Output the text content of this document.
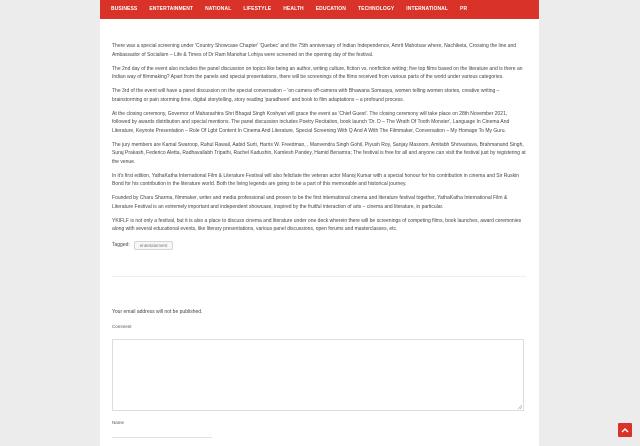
BUSINESS	ENTERTAINMENT	NATIONAL	LIFESTYLE	HEALTH	EDUCATION	TECHNOLOGY	INTERNATIONAL	PR

There was a special screening under 'Country Showcase Chapter' 'Quebec' and the 75th anniversary of Indian Independence, Amrit Mahotsav where, Nachiketa, Crossing the line and Ambassador of Socialism – Life & Times of Dr Ram Manohar Lohiya were screened on the opening day of the festival.

The 2nd day of the event also includes the panel discussion on topics like being an author, writing culture, fiction vs. nonfiction writing; five top films based on the literature and is there an Indian way of filmmaking? Apart from the panels and special presentations, there will be screenings of the films received from various parts of the world under various categories.

The 3rd of the event will have a panel discussion on the special conversation – 'on camera off-camera with Bhawana Somaaya, women telling women stories, creative writing – brainstorming or pain storming time, digital storytelling, story reading 'paradheen' and book to film adaptations – a profound process.

At the closing ceremony, Governor of Maharashtra Shri Bhagat Singh Koshyari will grace the event as 'Chief Guest'. The closing ceremony will take place on 28th November 2021, followed by awards distribution and special mentions. The panel discussion includes Poetry Recitation, book launch 'Dr. D – The Wrath Of Tooth Monster', Language In Cinema And Literature, Keynote Presentation – Role Of Lgbt Content In Cinema And Literature, Special Screening With Q And A With The Filmmaker, Conversation – My Homage To My Guru.

The jury members are Kamal Swaroop, Rahul Rawail, Aabid Surti, Harris W. Freedman, , Manvendra Singh Gohil, Piyush Roy, Sanjay Masoom, Amitabh Shrivastava, Brahmanand Singh, Suraj Prakash, Federico Aletta, Radhavallabh Tripathi, Rachel Kadushin, Kamlesh Pandey, Hamid Benamra; The festival is free for all and anyone can visit the festival just by registering at the venue.

In it's first edition, YathaKatha International Film & Literature Festival will also felicitate the veteran actor Manoj Kumar with a special honour for his contribution in cinema and Sir Ruskin Bond for his contribution in the literature world. Both the living legends are going to be a part of this memorable and historical journey.

Founded by Charu Sharma, filmmaker, writer and media professional and proven to be the first international cinema and literature festival together, YathaKatha International Film & Literature Festival is an extremely important and independent showcase, inspired by the fruitful interaction of arts – cinema and literature, in particular.

YKIFLF is not only a festival, but it is also a place to discuss cinema and literature under one deck wherein there will be screenings of competing films, book launches, award ceremonies along with several educational events, like literary presentations, various panel discussions, open forums and masterclasses, etc.

Tagged:	entertainment
Your email address will not be published.
Comment
Name
